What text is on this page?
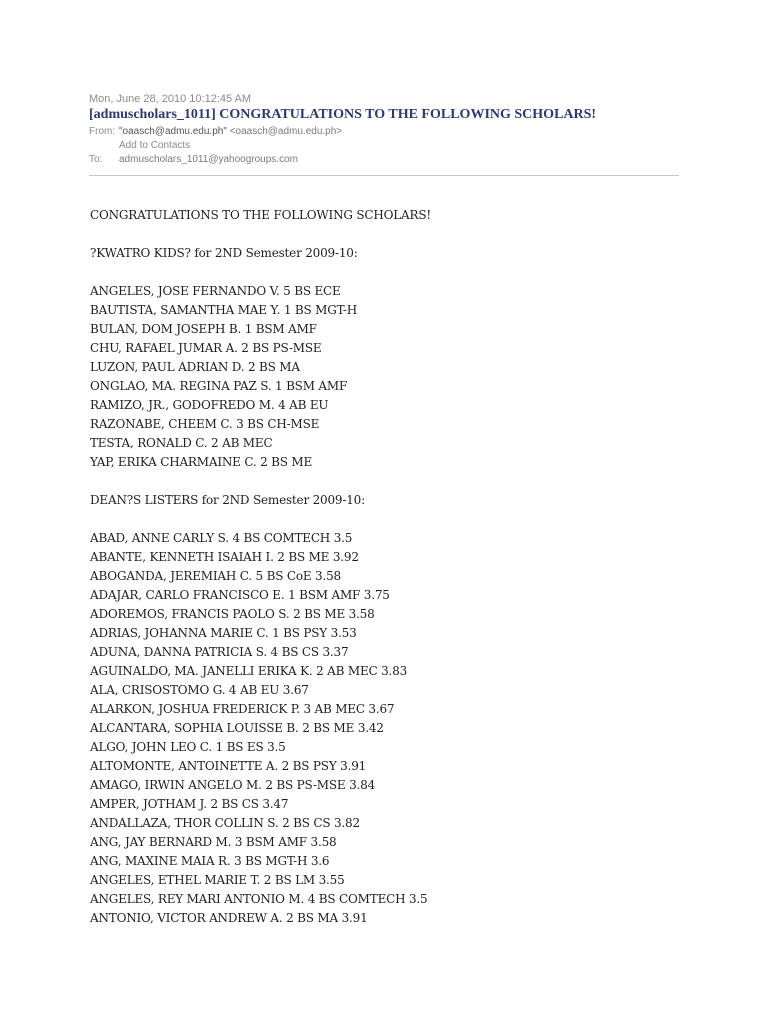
Mon, June 28, 2010 10:12:45 AM
[admuscholars_1011] CONGRATULATIONS TO THE FOLLOWING SCHOLARS!
From: "oaasch@admu.edu.ph" <oaasch@admu.edu.ph>
Add to Contacts
To:	admuscholars_1011@yahoogroups.com
CONGRATULATIONS TO THE FOLLOWING SCHOLARS!
?KWATRO KIDS? for 2ND Semester 2009-10:
ANGELES, JOSE FERNANDO V. 5 BS ECE
BAUTISTA, SAMANTHA MAE Y. 1 BS MGT-H
BULAN, DOM JOSEPH B. 1 BSM AMF
CHU, RAFAEL JUMAR A. 2 BS PS-MSE
LUZON, PAUL ADRIAN D. 2 BS MA
ONGLAO, MA. REGINA PAZ S. 1 BSM AMF
RAMIZO, JR., GODOFREDO M. 4 AB EU
RAZONABE, CHEEM C. 3 BS CH-MSE
TESTA, RONALD C. 2 AB MEC
YAP, ERIKA CHARMAINE C. 2 BS ME
DEAN?S LISTERS for 2ND Semester 2009-10:
ABAD, ANNE CARLY S. 4 BS COMTECH 3.5
ABANTE, KENNETH ISAIAH I. 2 BS ME 3.92
ABOGANDA, JEREMIAH C. 5 BS CoE 3.58
ADAJAR, CARLO FRANCISCO E. 1 BSM AMF 3.75
ADOREMOS, FRANCIS PAOLO S. 2 BS ME 3.58
ADRIAS, JOHANNA MARIE C. 1 BS PSY 3.53
ADUNA, DANNA PATRICIA S. 4 BS CS 3.37
AGUINALDO, MA. JANELLI ERIKA K. 2 AB MEC 3.83
ALA, CRISOSTOMO G. 4 AB EU 3.67
ALARKON, JOSHUA FREDERICK P. 3 AB MEC 3.67
ALCANTARA, SOPHIA LOUISSE B. 2 BS ME 3.42
ALGO, JOHN LEO C. 1 BS ES 3.5
ALTOMONTE, ANTOINETTE A. 2 BS PSY 3.91
AMAGO, IRWIN ANGELO M. 2 BS PS-MSE 3.84
AMPER, JOTHAM J. 2 BS CS 3.47
ANDALLAZA, THOR COLLIN S. 2 BS CS 3.82
ANG, JAY BERNARD M. 3 BSM AMF 3.58
ANG, MAXINE MAIA R. 3 BS MGT-H 3.6
ANGELES, ETHEL MARIE T. 2 BS LM 3.55
ANGELES, REY MARI ANTONIO M. 4 BS COMTECH 3.5
ANTONIO, VICTOR ANDREW A. 2 BS MA 3.91
